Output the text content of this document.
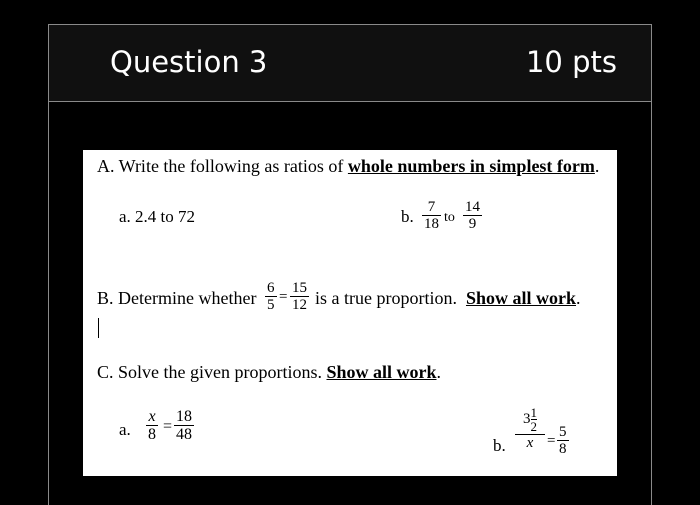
Question 3	10 pts
A. Write the following as ratios of whole numbers in simplest form.
a. 2.4 to 72	b. 7
18 to
14
9
B. Determine whether 6
5 =
15
12 is a true proportion. Show all work.
C. Solve the given proportions. Show all work.
a.
x
8 =
18
48
b.
3 1
2
x =
5
8
